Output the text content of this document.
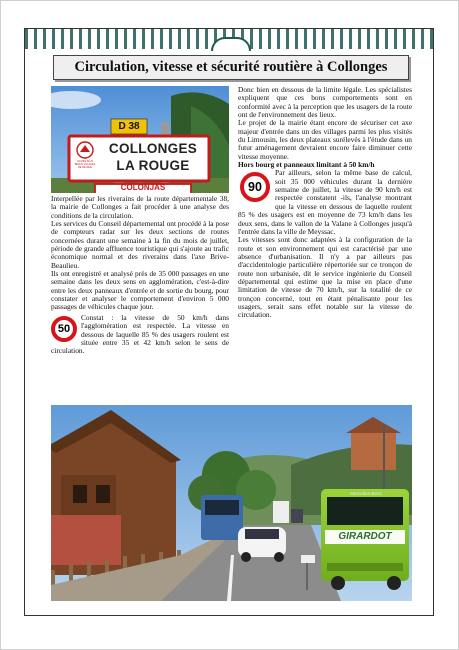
Circulation, vitesse et sécurité routière à Collonges
D 38
COLLONGES
LA ROUGE
UN DES PLUS BEAUX VILLAGES DE FRANCE
COLONJAS

Interpellée par les riverains de la route départementale 38, la mairie de Collonges a fait procéder à une analyse des conditions de la circulation.

Les services du Conseil départemental ont procédé à la pose de compteurs radar sur les deux sections de routes concernées durant une semaine à la fin du mois de juillet, période de grande affluence touristique qui s'ajoute au trafic économique normal et des riverains dans l'axe Brive-Beaulieu.

Ils ont enregistré et analysé près de 35 000 passages en une semaine dans les deux sens en agglomération, c'est-à-dire entre les deux panneaux d'entrée et de sortie du bourg, pour constater et analyser le comportement d'environ 5 000 passages de véhicules chaque jour.

50
Constat : la vitesse de 50 km/h dans l'agglomération est respectée. La vitesse en dessous de laquelle 85 % des usagers roulent est située entre 35 et 42 km/h selon le sens de circulation.

Donc bien en dessous de la limite légale. Les spécialistes expliquent que ces bons comportements sont en conformité avec à la perception que les usagers de la route ont de l'environnement des lieux.

Le projet de la mairie étant encore de sécuriser cet axe majeur d'entrée dans un des villages parmi les plus visités du Limousin, les deux plateaux surélevés à l'étude dans un futur aménagement devraient encore faire diminuer cette vitesse moyenne.

Hors bourg et panneaux limitant à 50 km/h

90
Par ailleurs, selon la même base de calcul, soit 35 000 véhicules durant la dernière semaine de juillet, la vitesse de 90 km/h est respectée constatent -ils, l'analyse montrant que la vitesse en dessous de laquelle roulent 85 % des usagers est en moyenne de 73 km/h dans les deux sens, dans le vallon de la Valane à Collonges jusqu'à l'entrée dans la ville de Meyssac.

Les vitesses sont donc adaptées à la configuration de la route et son environnement qui est caractérisé par une absence d'urbanisation. Il n'y a par ailleurs pas d'accidentologie particulière répertoriée sur ce tronçon de route non urbanisée, dit le service ingénierie du Conseil départemental qui estime que la mise en place d'une limitation de vitesse de 70 km/h, sur la totalité de ce tronçon concerné, tout en étant pénalisante pour les usagers, serait sans effet notable sur la vitesse de circulation.

Mercedes-Benz
GIRARDOT
